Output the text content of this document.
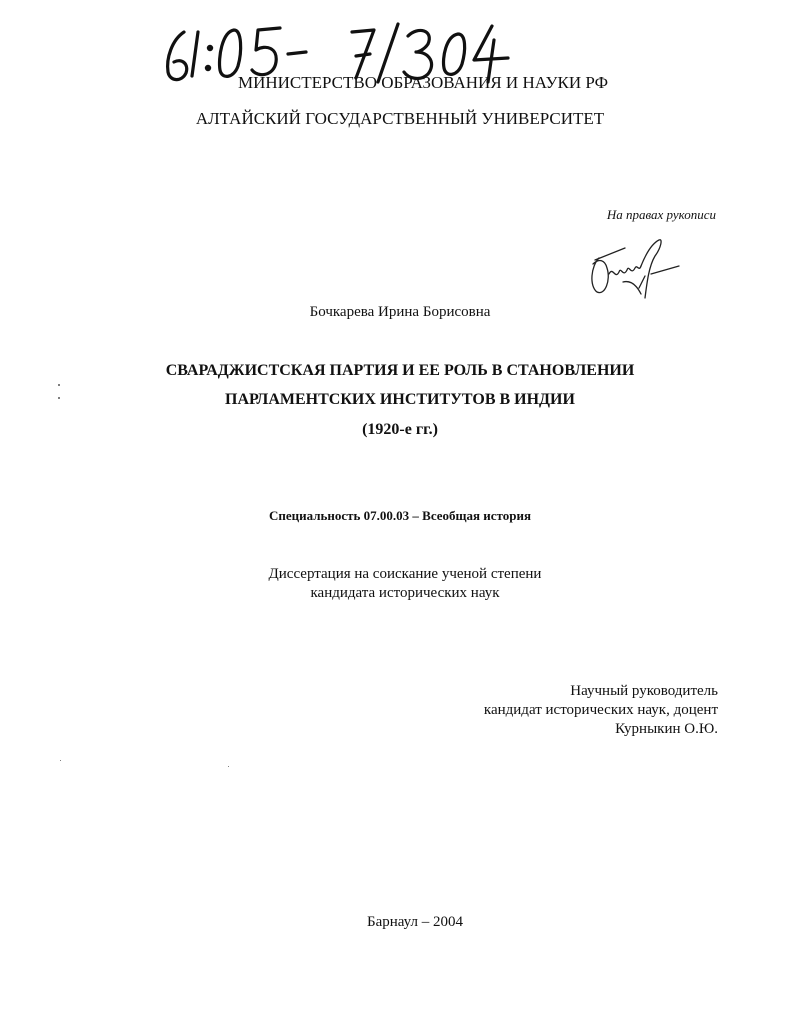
МИНИСТЕРСТВО ОБРАЗОВАНИЯ И НАУКИ РФ
АЛТАЙСКИЙ ГОСУДАРСТВЕННЫЙ УНИВЕРСИТЕТ
На правах рукописи
Бочкарева Ирина Борисовна
СВАРАДЖИСТСКАЯ ПАРТИЯ И ЕЕ РОЛЬ В СТАНОВЛЕНИИ
ПАРЛАМЕНТСКИХ ИНСТИТУТОВ В ИНДИИ
(1920-е гг.)
Специальность 07.00.03 – Всеобщая история
Диссертация на соискание ученой степени
кандидата исторических наук
Научный руководитель
кандидат исторических наук, доцент
Курныкин О.Ю.
Барнаул – 2004
